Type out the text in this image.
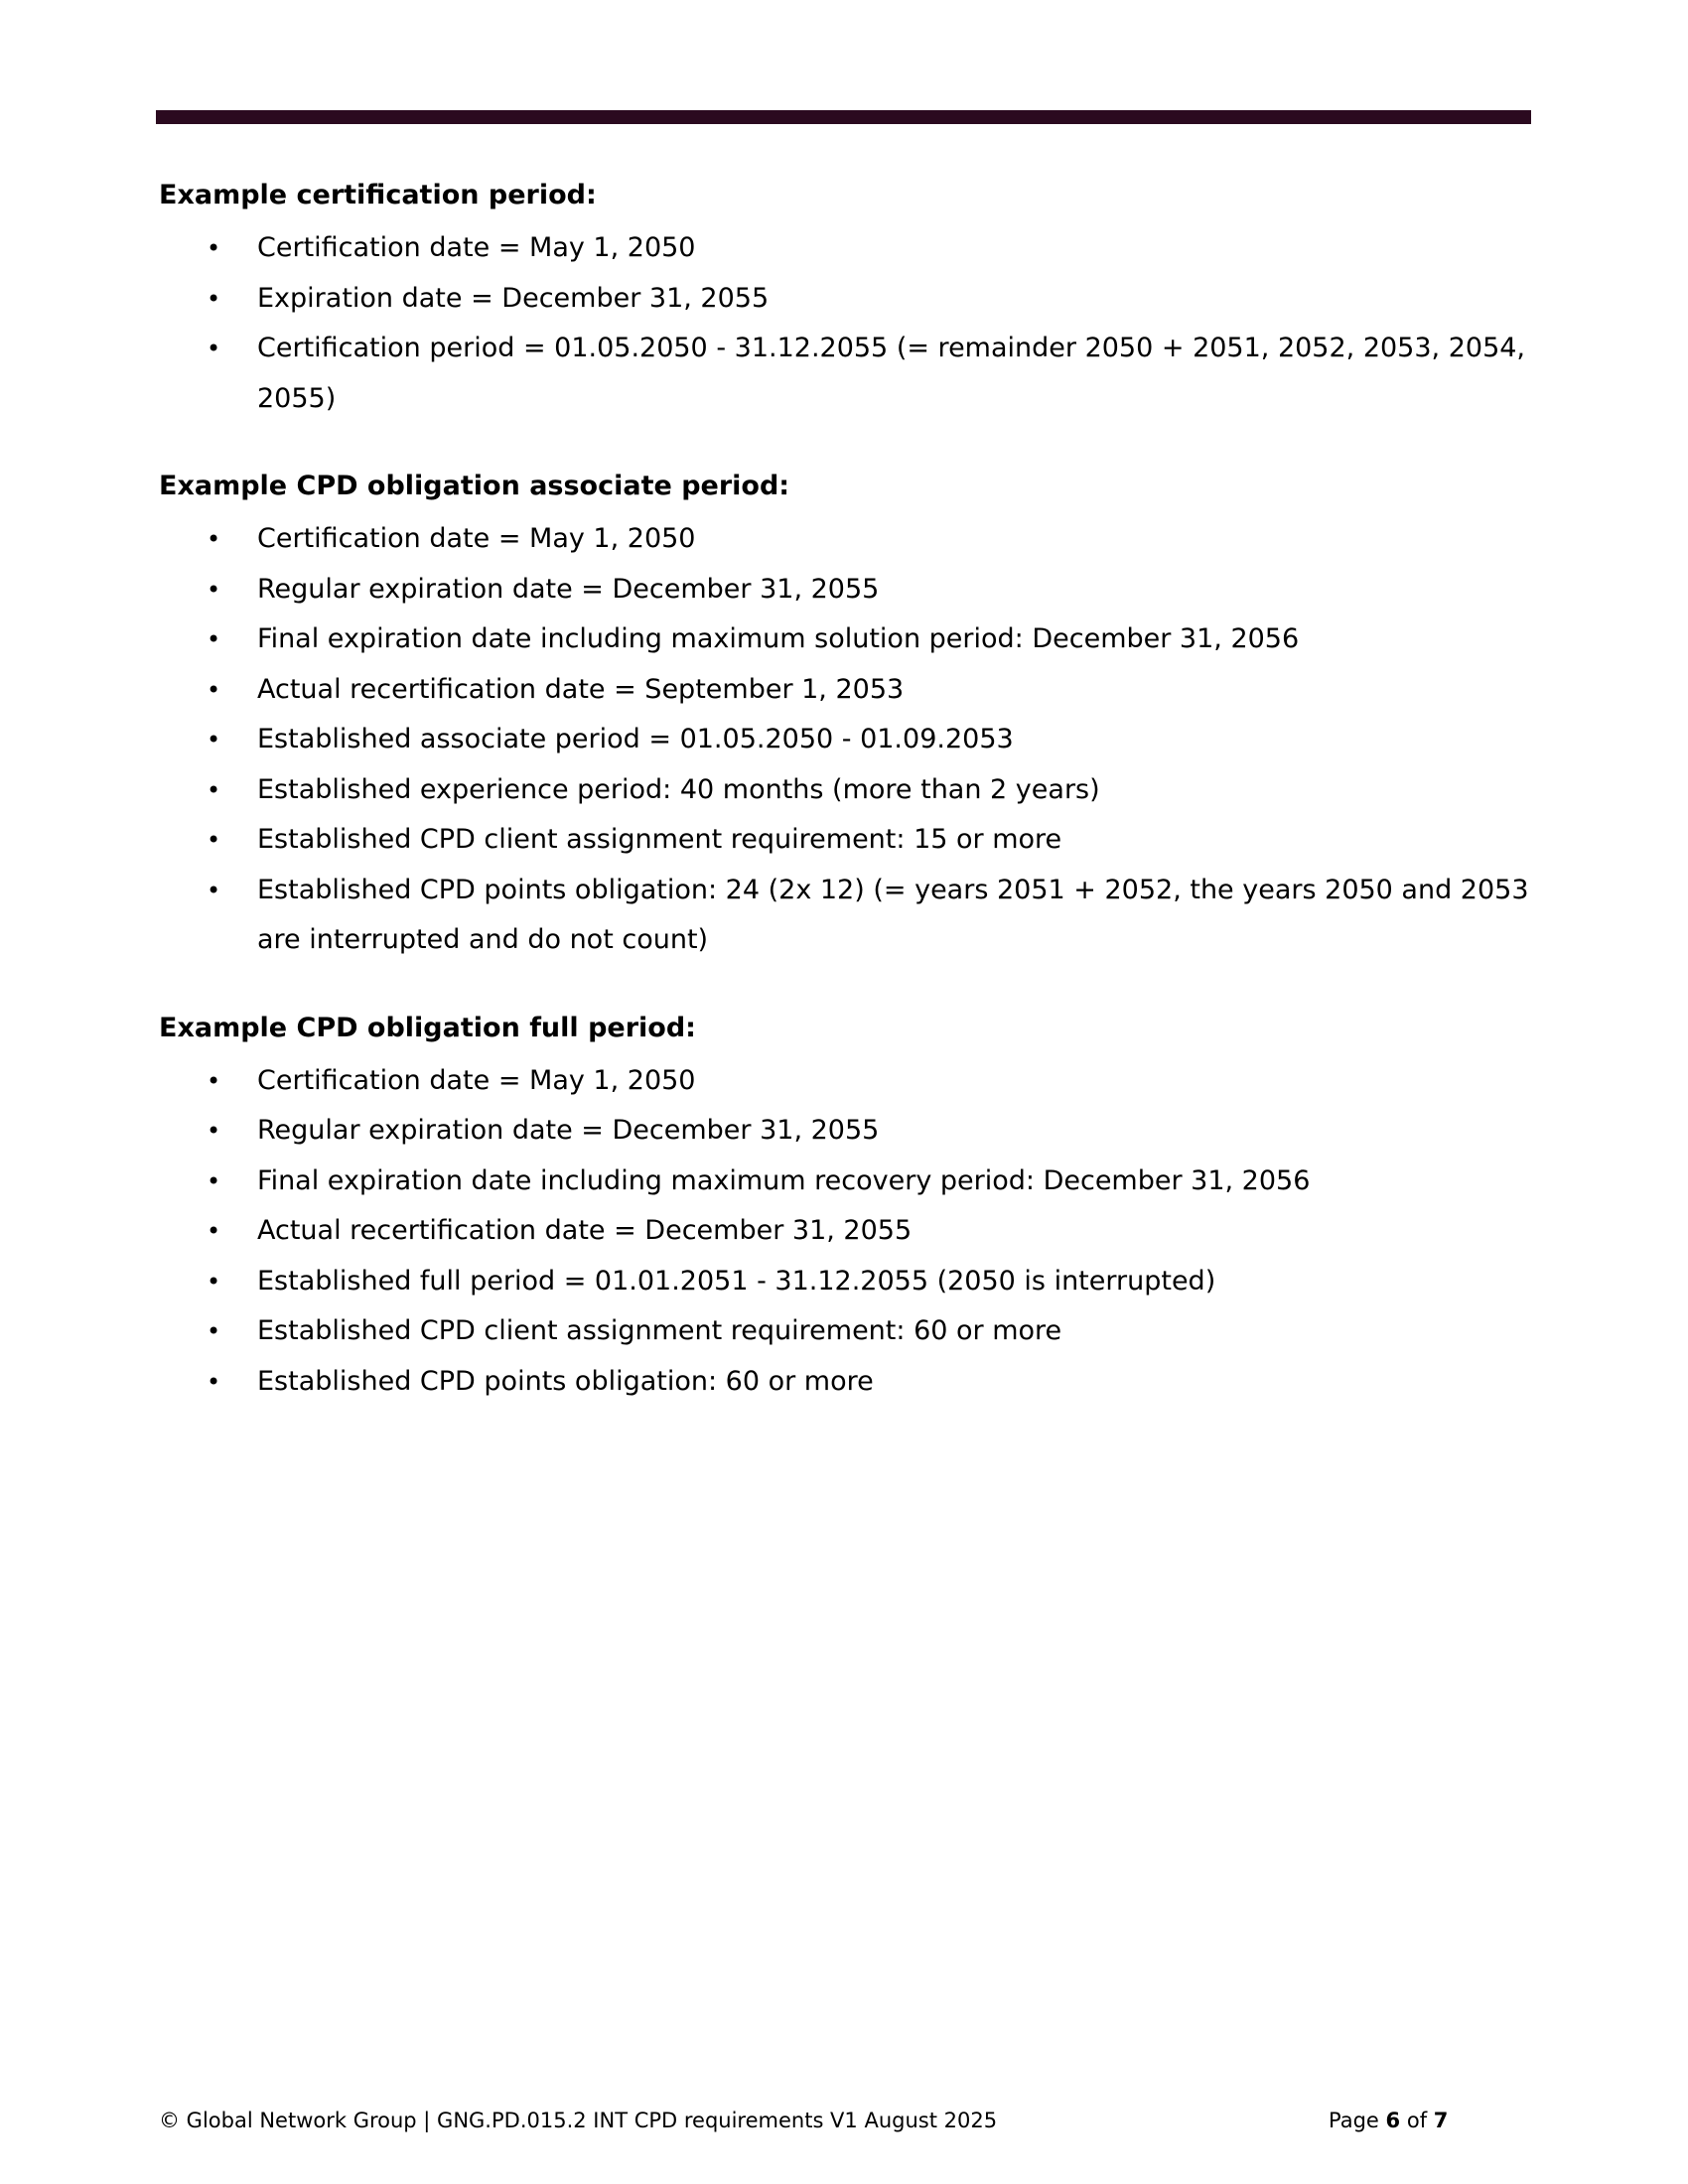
Example certification period:
• Certification date = May 1, 2050
• Expiration date = December 31, 2055
• Certification period = 01.05.2050 - 31.12.2055 (= remainder 2050 + 2051, 2052, 2053, 2054, 2055)
Example CPD obligation associate period:
• Certification date = May 1, 2050
• Regular expiration date = December 31, 2055
• Final expiration date including maximum solution period: December 31, 2056
• Actual recertification date = September 1, 2053
• Established associate period = 01.05.2050 - 01.09.2053
• Established experience period: 40 months (more than 2 years)
• Established CPD client assignment requirement: 15 or more
• Established CPD points obligation: 24 (2x 12) (= years 2051 + 2052, the years 2050 and 2053 are interrupted and do not count)
Example CPD obligation full period:
• Certification date = May 1, 2050
• Regular expiration date = December 31, 2055
• Final expiration date including maximum recovery period: December 31, 2056
• Actual recertification date = December 31, 2055
• Established full period = 01.01.2051 - 31.12.2055 (2050 is interrupted)
• Established CPD client assignment requirement: 60 or more
• Established CPD points obligation: 60 or more
© Global Network Group | GNG.PD.015.2 INT CPD requirements V1 August 2025	Page 6 of 7
